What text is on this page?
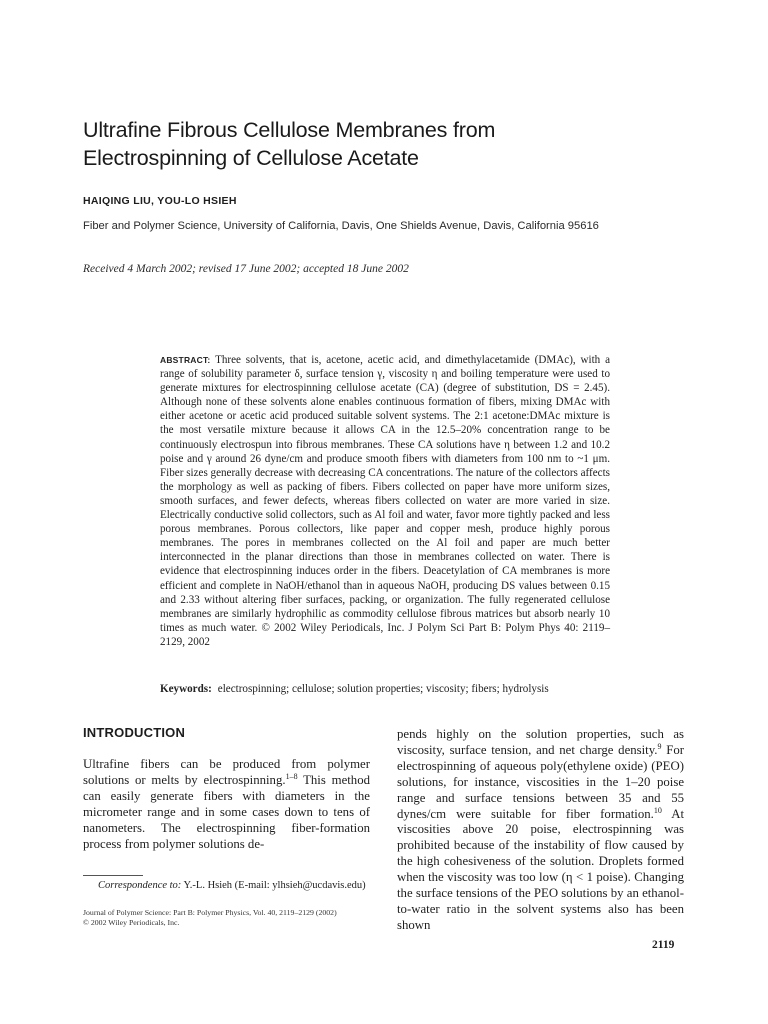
Ultrafine Fibrous Cellulose Membranes from
Electrospinning of Cellulose Acetate
HAIQING LIU, YOU-LO HSIEH
Fiber and Polymer Science, University of California, Davis, One Shields Avenue, Davis, California 95616
Received 4 March 2002; revised 17 June 2002; accepted 18 June 2002

ABSTRACT: Three solvents, that is, acetone, acetic acid, and dimethylacetamide (DMAc), with a range of solubility parameter δ, surface tension γ, viscosity η and boiling temperature were used to generate mixtures for electrospinning cellulose acetate (CA) (degree of substitution, DS = 2.45). Although none of these solvents alone enables continuous formation of fibers, mixing DMAc with either acetone or acetic acid produced suitable solvent systems. The 2:1 acetone:DMAc mixture is the most versatile mixture because it allows CA in the 12.5–20% concentration range to be continuously electrospun into fibrous membranes. These CA solutions have η between 1.2 and 10.2 poise and γ around 26 dyne/cm and produce smooth fibers with diameters from 100 nm to ~1 μm. Fiber sizes generally decrease with decreasing CA concentrations. The nature of the collectors affects the morphology as well as packing of fibers. Fibers collected on paper have more uniform sizes, smooth surfaces, and fewer defects, whereas fibers collected on water are more varied in size. Electrically conductive solid collectors, such as Al foil and water, favor more tightly packed and less porous membranes. Porous collectors, like paper and copper mesh, produce highly porous membranes. The pores in membranes collected on the Al foil and paper are much better interconnected in the planar directions than those in membranes collected on water. There is evidence that electrospinning induces order in the fibers. Deacetylation of CA membranes is more efficient and complete in NaOH/ethanol than in aqueous NaOH, producing DS values between 0.15 and 2.33 without altering fiber surfaces, packing, or organization. The fully regenerated cellulose membranes are similarly hydrophilic as commodity cellulose fibrous matrices but absorb nearly 10 times as much water. © 2002 Wiley Periodicals, Inc. J Polym Sci Part B: Polym Phys 40: 2119–2129, 2002

Keywords: electrospinning; cellulose; solution properties; viscosity; fibers; hydrolysis
INTRODUCTION

Ultrafine fibers can be produced from polymer solutions or melts by electrospinning.$^{1-8}$ This method can easily generate fibers with diameters in the micrometer range and in some cases down to tens of nanometers. The electrospinning fiber-formation process from polymer solutions de-

pends highly on the solution properties, such as viscosity, surface tension, and net charge density.$^9$ For electrospinning of aqueous poly(ethylene oxide) (PEO) solutions, for instance, viscosities in the 1–20 poise range and surface tensions between 35 and 55 dynes/cm were suitable for fiber formation.$^{10}$ At viscosities above 20 poise, electrospinning was prohibited because of the instability of flow caused by the high cohesiveness of the solution. Droplets formed when the viscosity was too low (η < 1 poise). Changing the surface tensions of the PEO solutions by an ethanol-to-water ratio in the solvent systems also has been shown

Correspondence to: Y.-L. Hsieh (E-mail: ylhsieh@ucdavis.edu)
Journal of Polymer Science: Part B: Polymer Physics, Vol. 40, 2119–2129 (2002)
© 2002 Wiley Periodicals, Inc.
2119
